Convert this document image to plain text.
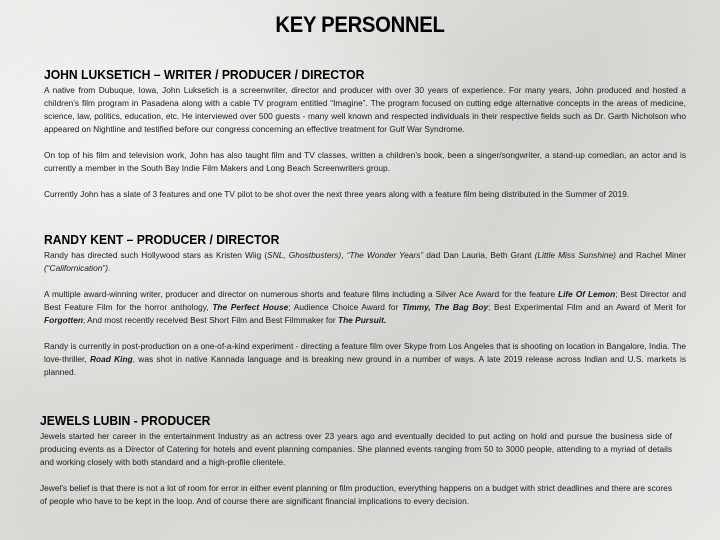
KEY PERSONNEL
JOHN LUKSETICH – WRITER / PRODUCER / DIRECTOR

A native from Dubuque, Iowa, John Luksetich is a screenwriter, director and producer with over 30 years of experience. For many years, John produced and hosted a children’s film program in Pasadena along with a cable TV program entitled “Imagine”. The program focused on cutting edge alternative concepts in the areas of medicine, science, law, politics, education, etc. He interviewed over 500 guests - many well known and respected individuals in their respective fields such as Dr. Garth Nicholson who appeared on Nightline and testified before our congress concerning an effective treatment for Gulf War Syndrome.

On top of his film and television work, John has also taught film and TV classes, written a children’s book, been a singer/songwriter, a stand-up comedian, an actor and is currently a member in the South Bay Indie Film Makers and Long Beach Screenwriters group.

Currently John has a slate of 3 features and one TV pilot to be shot over the next three years along with a feature film being distributed in the Summer of 2019.

RANDY KENT – PRODUCER / DIRECTOR

Randy has directed such Hollywood stars as Kristen Wiig (SNL, Ghostbusters), “The Wonder Years” dad Dan Lauria, Beth Grant (Little Miss Sunshine) and Rachel Miner (“Californication”).

A multiple award-winning writer, producer and director on numerous shorts and feature films including a Silver Ace Award for the feature Life Of Lemon; Best Director and Best Feature Film for the horror anthology, The Perfect House; Audience Choice Award for Timmy, The Bag Boy; Best Experimental Film and an Award of Merit for Forgotten; And most recently received Best Short Film and Best Filmmaker for The Pursuit.

Randy is currently in post-production on a one-of-a-kind experiment - directing a feature film over Skype from Los Angeles that is shooting on location in Bangalore, India. The love-thriller, Road King, was shot in native Kannada language and is breaking new ground in a number of ways. A late 2019 release across Indian and U.S. markets is planned.

JEWELS LUBIN - PRODUCER

Jewels started her career in the entertainment Industry as an actress over 23 years ago and eventually decided to put acting on hold and pursue the business side of producing events as a Director of Catering for hotels and event planning companies. She planned events ranging from 50 to 3000 people, attending to a myriad of details and working closely with both standard and a high-profile clientele.

Jewel's belief is that there is not a lot of room for error in either event planning or film production, everything happens on a budget with strict deadlines and there are scores of people who have to be kept in the loop. And of course there are significant financial implications to every decision.
